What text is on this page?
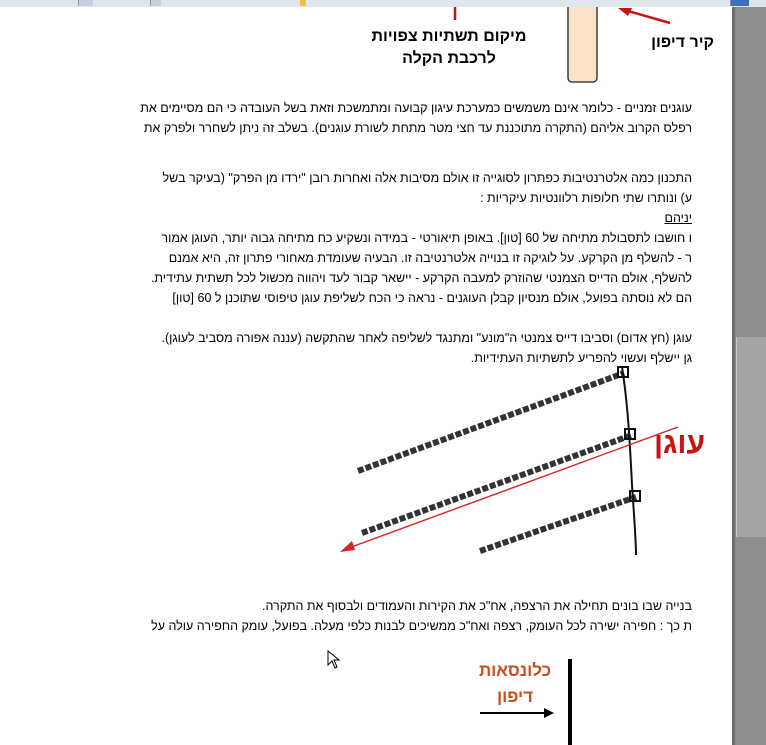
מיקום תשתיות צפויות
לרכבת הקלה
קיר דיפון
עוגנים זמניים - כלומר אינם משמשים כמערכת עיגון קבועה ומתמשכת וזאת בשל העובדה כי הם מסיימים את
רפלס הקרוב אליהם (התקרה מתוכננת עד חצי מטר מתחת לשורת עוגנים). בשלב זה ניתן לשחרר ולפרק את
התכנון כמה אלטרנטיבות כפתרון לסוגייה זו אולם מסיבות אלה ואחרות רובן "ירדו מן הפרק" (בעיקר בשל
ע) ונותרו שתי חלופות רלוונטיות עיקריות :
יניהם
ו חושבו לתסבולת מתיחה של 60 [טון]. באופן תיאורטי - במידה ונשקיע כח מתיחה גבוה יותר, העוגן אמור
ר - להשלף מן הקרקע. על לוגיקה זו בנוייה אלטרנטיבה זו. הבעיה שעומדת מאחורי פתרון זה, היא אמנם
להשלף, אולם הדייס הצמנטי שהוזרק למעבה הקרקע - יישאר קבור לעד ויהווה מכשול לכל תשתית עתידית.
הם לא נוסתה בפועל, אולם מנסיון קבלן העוגנים - נראה כי הכח לשליפת עוגן טיפוסי שתוכנן ל 60 [טון]
עוגן (חץ אדום) וסביבו דייס צמנטי ה"מונע" ומתנגד לשליפה לאחר שהתקשה (עננה אפורה מסביב לעוגן).
גן יישלף ועשוי להפריע לתשתיות העתידיות.
עוגן
בנייה שבו בונים תחילה את הרצפה, אח"כ את הקירות והעמודים ולבסוף את התקרה.
ת כך : חפירה ישירה לכל העומק, רצפה ואח"כ ממשיכים לבנות כלפי מעלה. בפועל, עומק החפירה עולה על
כלונסאות
דיפון
